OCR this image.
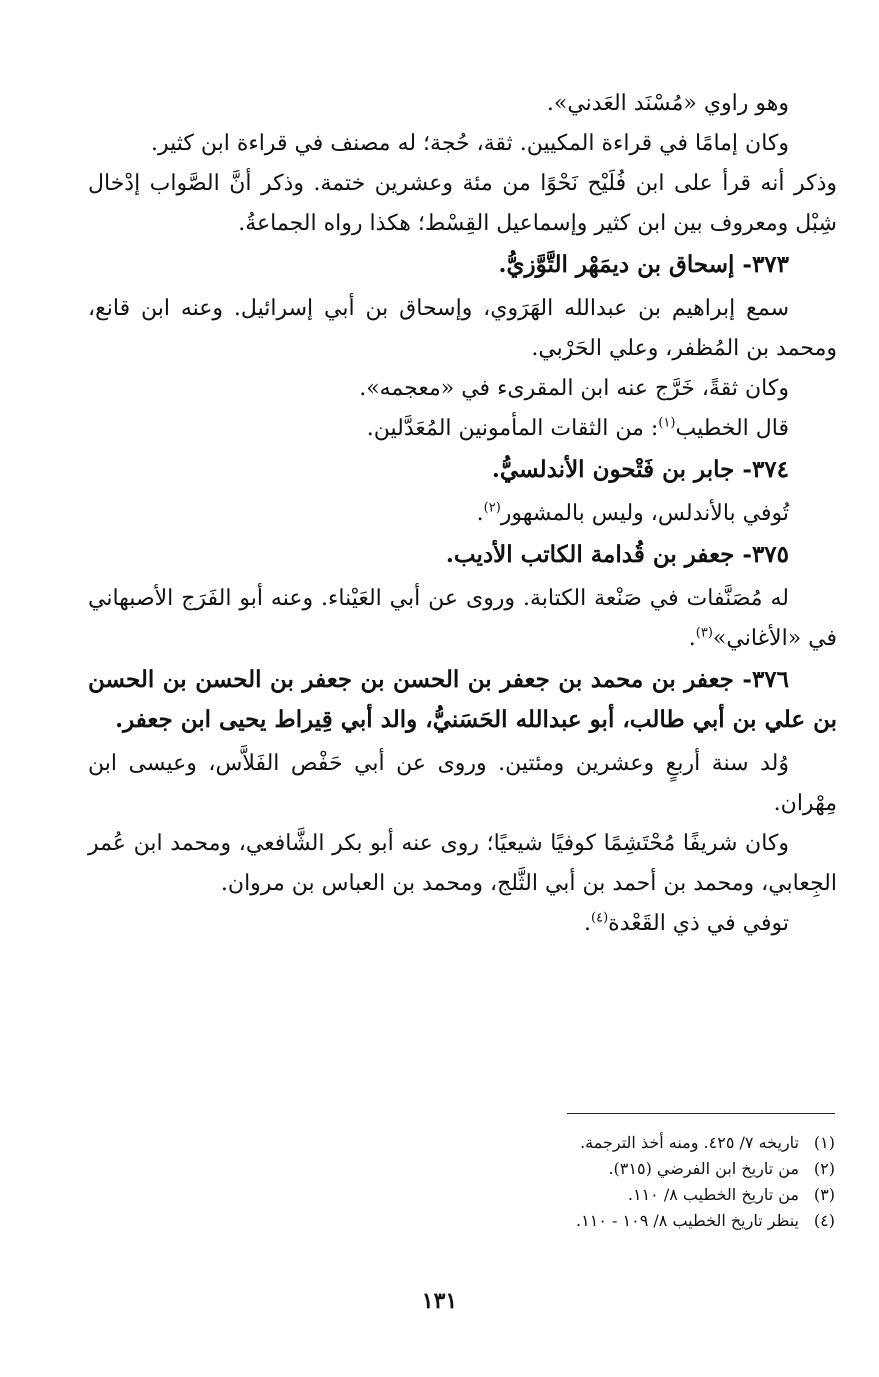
وهو راوي «مُسْنَد العَدني».

وكان إمامًا في قراءة المكيين. ثقة، حُجة؛ له مصنف في قراءة ابن كثير.

وذكر أنه قرأ على ابن فُلَيْح نَحْوًا من مئة وعشرين ختمة. وذكر أنَّ الصَّواب إدْخال شِبْل ومعروف بين ابن كثير وإسماعيل القِسْط؛ هكذا رواه الجماعةُ.

٣٧٣- إسحاق بن ديمَهْر التَّوَّزيُّ.

سمع إبراهيم بن عبدالله الهَرَوي، وإسحاق بن أبي إسرائيل. وعنه ابن قانع، ومحمد بن المُظفر، وعلي الحَرْبي.

وكان ثقةً، خَرَّج عنه ابن المقرىء في «معجمه».

قال الخطيب$^{(١)}$: من الثقات المأمونين المُعَدَّلين.

٣٧٤- جابر بن فَتْحون الأندلسيُّ.

تُوفي بالأندلس، وليس بالمشهور$^{(٢)}$.

٣٧٥- جعفر بن قُدامة الكاتب الأديب.

له مُصَنَّفات في صَنْعة الكتابة. وروى عن أبي العَيْناء. وعنه أبو الفَرَج الأصبهاني في «الأغاني»$^{(٣)}$.

٣٧٦- جعفر بن محمد بن جعفر بن الحسن بن جعفر بن الحسن بن الحسن بن علي بن أبي طالب، أبو عبدالله الحَسَنيُّ، والد أبي قِيراط يحيى ابن جعفر.

وُلد سنة أربعٍ وعشرين ومئتين. وروى عن أبي حَفْص الفَلاَّس، وعيسى ابن مِهْران.

وكان شريفًا مُحْتَشِمًا كوفيًا شيعيًا؛ روى عنه أبو بكر الشَّافعي، ومحمد ابن عُمر الجِعابي، ومحمد بن أحمد بن أبي الثَّلج، ومحمد بن العباس بن مروان.

توفي في ذي القَعْدة$^{(٤)}$.

(١)
تاريخه ٧/ ٤٢٥. ومنه أخذ الترجمة.
(٢)
من تاريخ ابن الفرضي (٣١٥).
(٣)
من تاريخ الخطيب ٨/ ١١٠.
(٤)
ينظر تاريخ الخطيب ٨/ ١٠٩ - ١١٠.
١٣١
